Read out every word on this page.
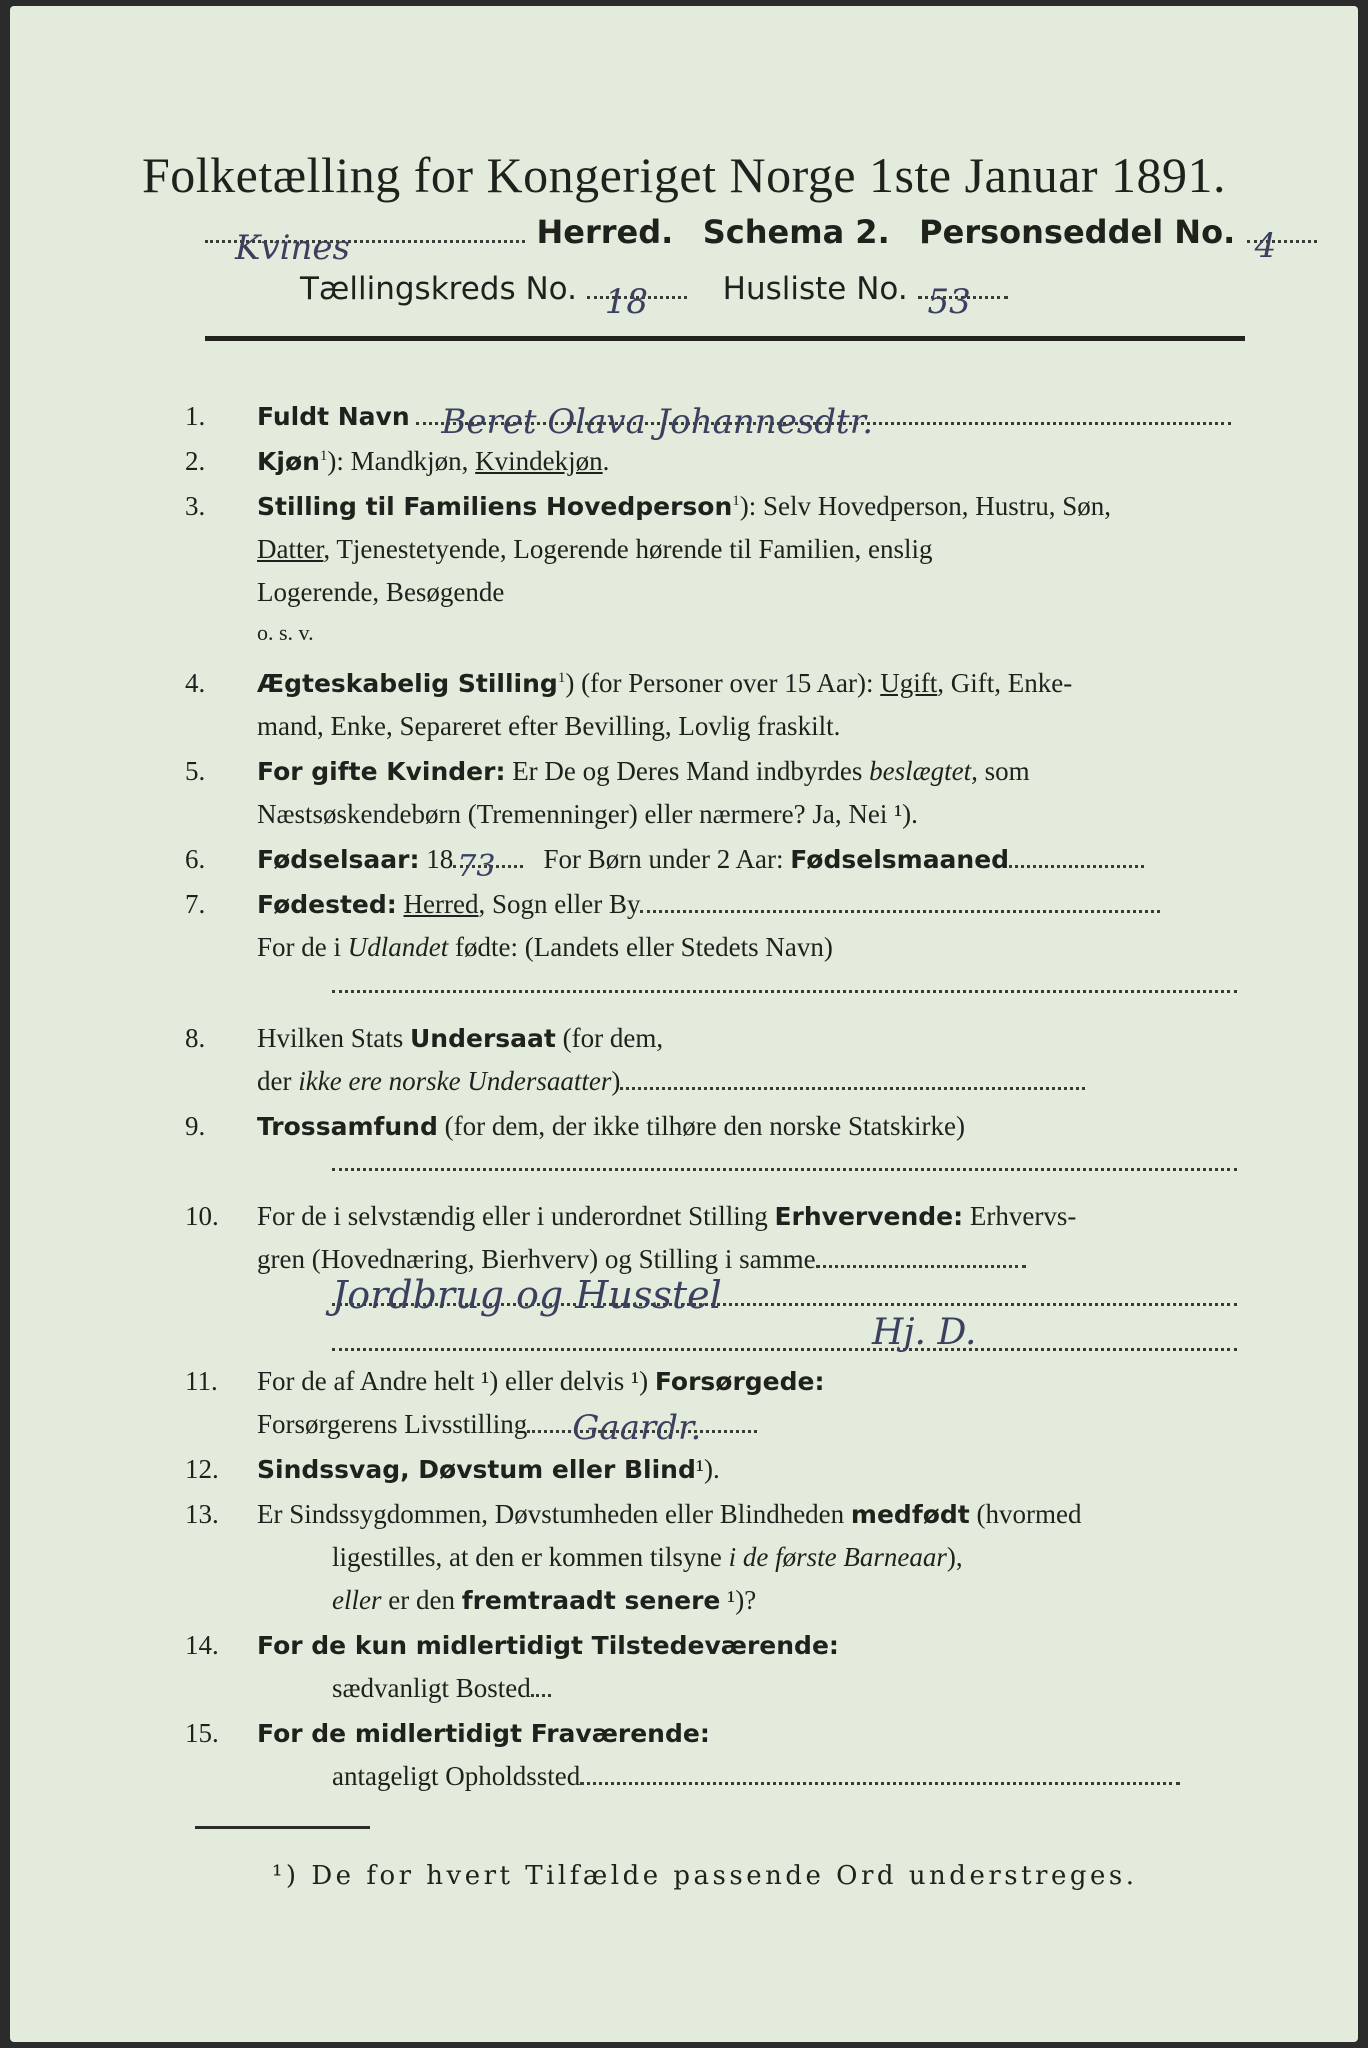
Folketælling for Kongeriget Norge 1ste Januar 1891.
Kvines	Herred. Schema 2. Personseddel No. 4
Tællingskreds No. 18 Husliste No. 53
1.	Fuldt Navn Beret Olava Johannesdtr.
2.	Kjøn$^1$): Mandkjøn, Kvindekjøn.
3.	Stilling til Familiens Hovedperson$^1$): Selv Hovedperson, Hustru, Søn,
Datter, Tjenestetyende, Logerende hørende til Familien, enslig
Logerende, Besøgende
o. s. v.
4.	Ægteskabelig Stilling$^1$) (for Personer over 15 Aar): Ugift, Gift, Enke-
mand, Enke, Separeret efter Bevilling, Lovlig fraskilt.
5.	For gifte Kvinder: Er De og Deres Mand indbyrdes beslægtet, som
Næstsøskendebørn (Tremenninger) eller nærmere? Ja, Nei ¹).
6.	Fødselsaar: 18 73 For Børn under 2 Aar: Fødselsmaaned
7.	Fødested: Herred, Sogn eller By
For de i Udlandet fødte: (Landets eller Stedets Navn)
8.	Hvilken Stats Undersaat (for dem,
der ikke ere norske Undersaatter)
9.	Trossamfund (for dem, der ikke tilhøre den norske Statskirke)
10.	For de i selvstændig eller i underordnet Stilling Erhvervende: Erhvervs-
gren (Hovednæring, Bierhverv) og Stilling i samme
Jordbrug og Husstel
Hj. D.
11.	For de af Andre helt ¹) eller delvis ¹) Forsørgede:
Forsørgerens Livsstilling Gaardr.
12.	Sindssvag, Døvstum eller Blind¹).
13.	Er Sindssygdommen, Døvstumheden eller Blindheden medfødt (hvormed
ligestilles, at den er kommen tilsyne i de første Barneaar),
eller er den fremtraadt senere ¹)?
14.	For de kun midlertidigt Tilstedeværende:
sædvanligt Bosted
15.	For de midlertidigt Fraværende:
antageligt Opholdssted
¹) De for hvert Tilfælde passende Ord understreges.
